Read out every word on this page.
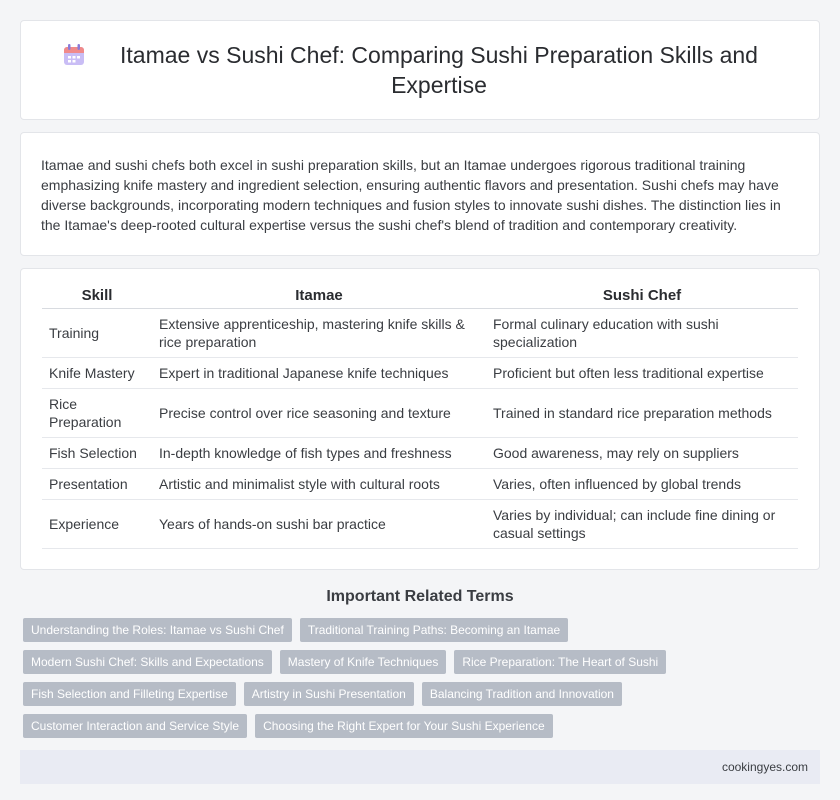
Itamae vs Sushi Chef: Comparing Sushi Preparation Skills and Expertise

Itamae and sushi chefs both excel in sushi preparation skills, but an Itamae undergoes rigorous traditional training emphasizing knife mastery and ingredient selection, ensuring authentic flavors and presentation. Sushi chefs may have diverse backgrounds, incorporating modern techniques and fusion styles to innovate sushi dishes. The distinction lies in the Itamae's deep-rooted cultural expertise versus the sushi chef's blend of tradition and contemporary creativity.

Skill	Itamae	Sushi Chef
Training	Extensive apprenticeship, mastering knife skills & rice preparation	Formal culinary education with sushi specialization
Knife Mastery	Expert in traditional Japanese knife techniques	Proficient but often less traditional expertise
Rice Preparation	Precise control over rice seasoning and texture	Trained in standard rice preparation methods
Fish Selection	In-depth knowledge of fish types and freshness	Good awareness, may rely on suppliers
Presentation	Artistic and minimalist style with cultural roots	Varies, often influenced by global trends
Experience	Years of hands-on sushi bar practice	Varies by individual; can include fine dining or casual settings
Important Related Terms
Understanding the Roles: Itamae vs Sushi Chef	Traditional Training Paths: Becoming an Itamae
Modern Sushi Chef: Skills and Expectations	Mastery of Knife Techniques	Rice Preparation: The Heart of Sushi
Fish Selection and Filleting Expertise	Artistry in Sushi Presentation	Balancing Tradition and Innovation
Customer Interaction and Service Style	Choosing the Right Expert for Your Sushi Experience
cookingyes.com
